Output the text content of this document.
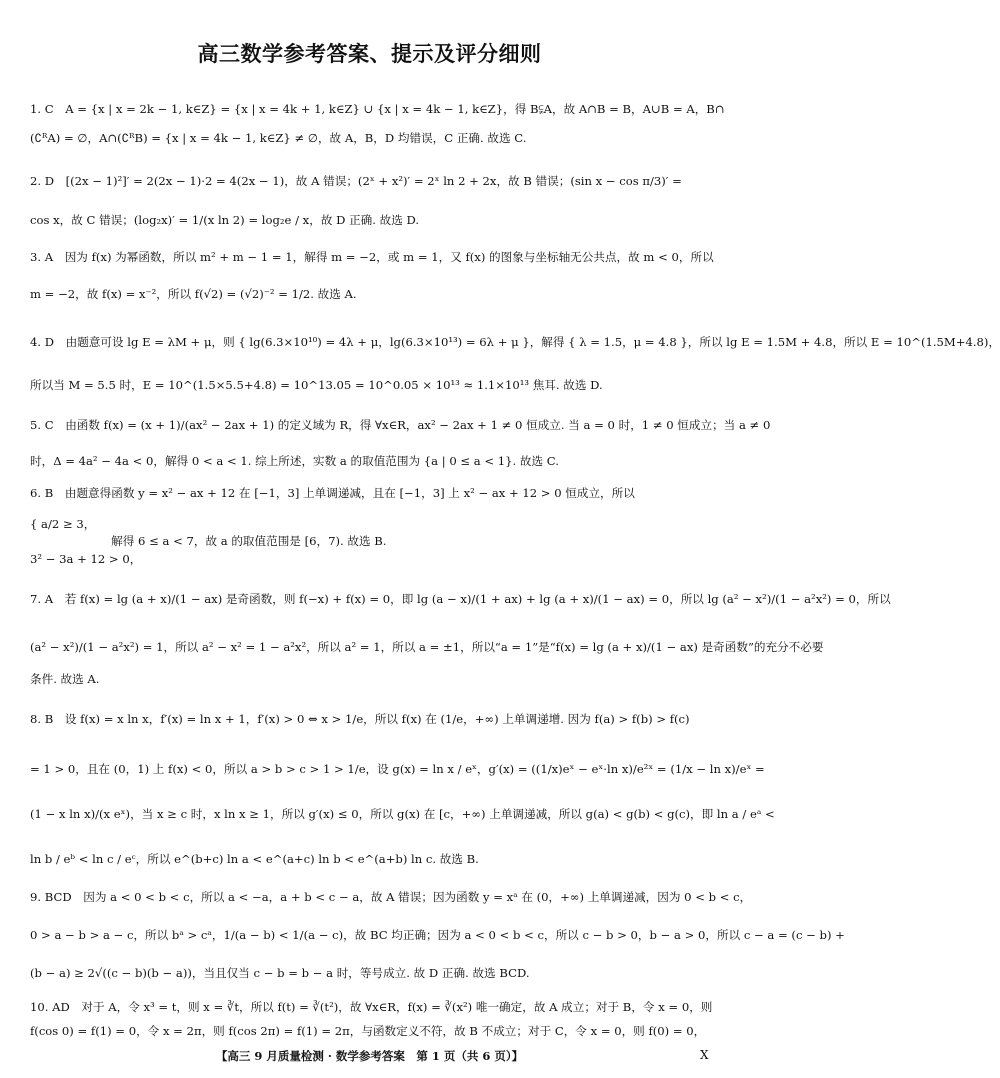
高三数学参考答案、提示及评分细则
1. C　A = {x | x = 2k − 1, k∈Z} = {x | x = 4k + 1, k∈Z} ∪ {x | x = 4k − 1, k∈Z}，得 B⫋A，故 A∩B = B，A∪B = A，B∩
(∁ᴿA) = ∅，A∩(∁ᴿB) = {x | x = 4k − 1, k∈Z} ≠ ∅，故 A，B，D 均错误，C 正确. 故选 C.
2. D　[(2x − 1)²]′ = 2(2x − 1)·2 = 4(2x − 1)，故 A 错误；(2ˣ + x²)′ = 2ˣ ln 2 + 2x，故 B 错误；(sin x − cos π/3)′ =
cos x，故 C 错误；(log₂x)′ = 1/(x ln 2) = log₂e / x，故 D 正确. 故选 D.
3. A　因为 f(x) 为幂函数，所以 m² + m − 1 = 1，解得 m = −2，或 m = 1，又 f(x) 的图象与坐标轴无公共点，故 m < 0，所以
m = −2，故 f(x) = x⁻²，所以 f(√2) = (√2)⁻² = 1/2. 故选 A.
4. D　由题意可设 lg E = λM + μ，则 { lg(6.3×10¹⁰) = 4λ + μ，lg(6.3×10¹³) = 6λ + μ }，解得 { λ = 1.5，μ = 4.8 }，所以 lg E = 1.5M + 4.8，所以 E = 10^(1.5M+4.8)，
所以当 M = 5.5 时，E = 10^(1.5×5.5+4.8) = 10^13.05 = 10^0.05 × 10¹³ ≈ 1.1×10¹³ 焦耳. 故选 D.
5. C　由函数 f(x) = (x + 1)/(ax² − 2ax + 1) 的定义域为 R，得 ∀x∈R，ax² − 2ax + 1 ≠ 0 恒成立. 当 a = 0 时，1 ≠ 0 恒成立；当 a ≠ 0
时，Δ = 4a² − 4a < 0，解得 0 < a < 1. 综上所述，实数 a 的取值范围为 {a | 0 ≤ a < 1}. 故选 C.
6. B　由题意得函数 y = x² − ax + 12 在 [−1，3] 上单调递减，且在 [−1，3] 上 x² − ax + 12 > 0 恒成立，所以
{ a/2 ≥ 3，
　　　　　　　解得 6 ≤ a < 7，故 a 的取值范围是 [6，7). 故选 B.
3² − 3a + 12 > 0，
7. A　若 f(x) = lg (a + x)/(1 − ax) 是奇函数，则 f(−x) + f(x) = 0，即 lg (a − x)/(1 + ax) + lg (a + x)/(1 − ax) = 0，所以 lg (a² − x²)/(1 − a²x²) = 0，所以
(a² − x²)/(1 − a²x²) = 1，所以 a² − x² = 1 − a²x²，所以 a² = 1，所以 a = ±1，所以“a = 1”是“f(x) = lg (a + x)/(1 − ax) 是奇函数”的充分不必要
条件. 故选 A.
8. B　设 f(x) = x ln x，f′(x) = ln x + 1，f′(x) > 0 ⇔ x > 1/e，所以 f(x) 在 (1/e，+∞) 上单调递增. 因为 f(a) > f(b) > f(c)
= 1 > 0，且在 (0，1) 上 f(x) < 0，所以 a > b > c > 1 > 1/e，设 g(x) = ln x / eˣ，g′(x) = ((1/x)eˣ − eˣ·ln x)/e²ˣ = (1/x − ln x)/eˣ =
(1 − x ln x)/(x eˣ)，当 x ≥ c 时，x ln x ≥ 1，所以 g′(x) ≤ 0，所以 g(x) 在 [c，+∞) 上单调递减，所以 g(a) < g(b) < g(c)，即 ln a / eᵃ <
ln b / eᵇ < ln c / eᶜ，所以 e^(b+c) ln a < e^(a+c) ln b < e^(a+b) ln c. 故选 B.
9. BCD　因为 a < 0 < b < c，所以 a < −a，a + b < c − a，故 A 错误；因为函数 y = xᵃ 在 (0，+∞) 上单调递减，因为 0 < b < c，
0 > a − b > a − c，所以 bᵃ > cᵃ，1/(a − b) < 1/(a − c)，故 BC 均正确；因为 a < 0 < b < c，所以 c − b > 0，b − a > 0，所以 c − a = (c − b) +
(b − a) ≥ 2√((c − b)(b − a))，当且仅当 c − b = b − a 时，等号成立. 故 D 正确. 故选 BCD.
10. AD　对于 A，令 x³ = t，则 x = ∛t，所以 f(t) = ∛(t²)，故 ∀x∈R，f(x) = ∛(x²) 唯一确定，故 A 成立；对于 B，令 x = 0，则
f(cos 0) = f(1) = 0，令 x = 2π，则 f(cos 2π) = f(1) = 2π，与函数定义不符，故 B 不成立；对于 C，令 x = 0，则 f(0) = 0，
【高三 9 月质量检测 · 数学参考答案　第 1 页（共 6 页）】	X
